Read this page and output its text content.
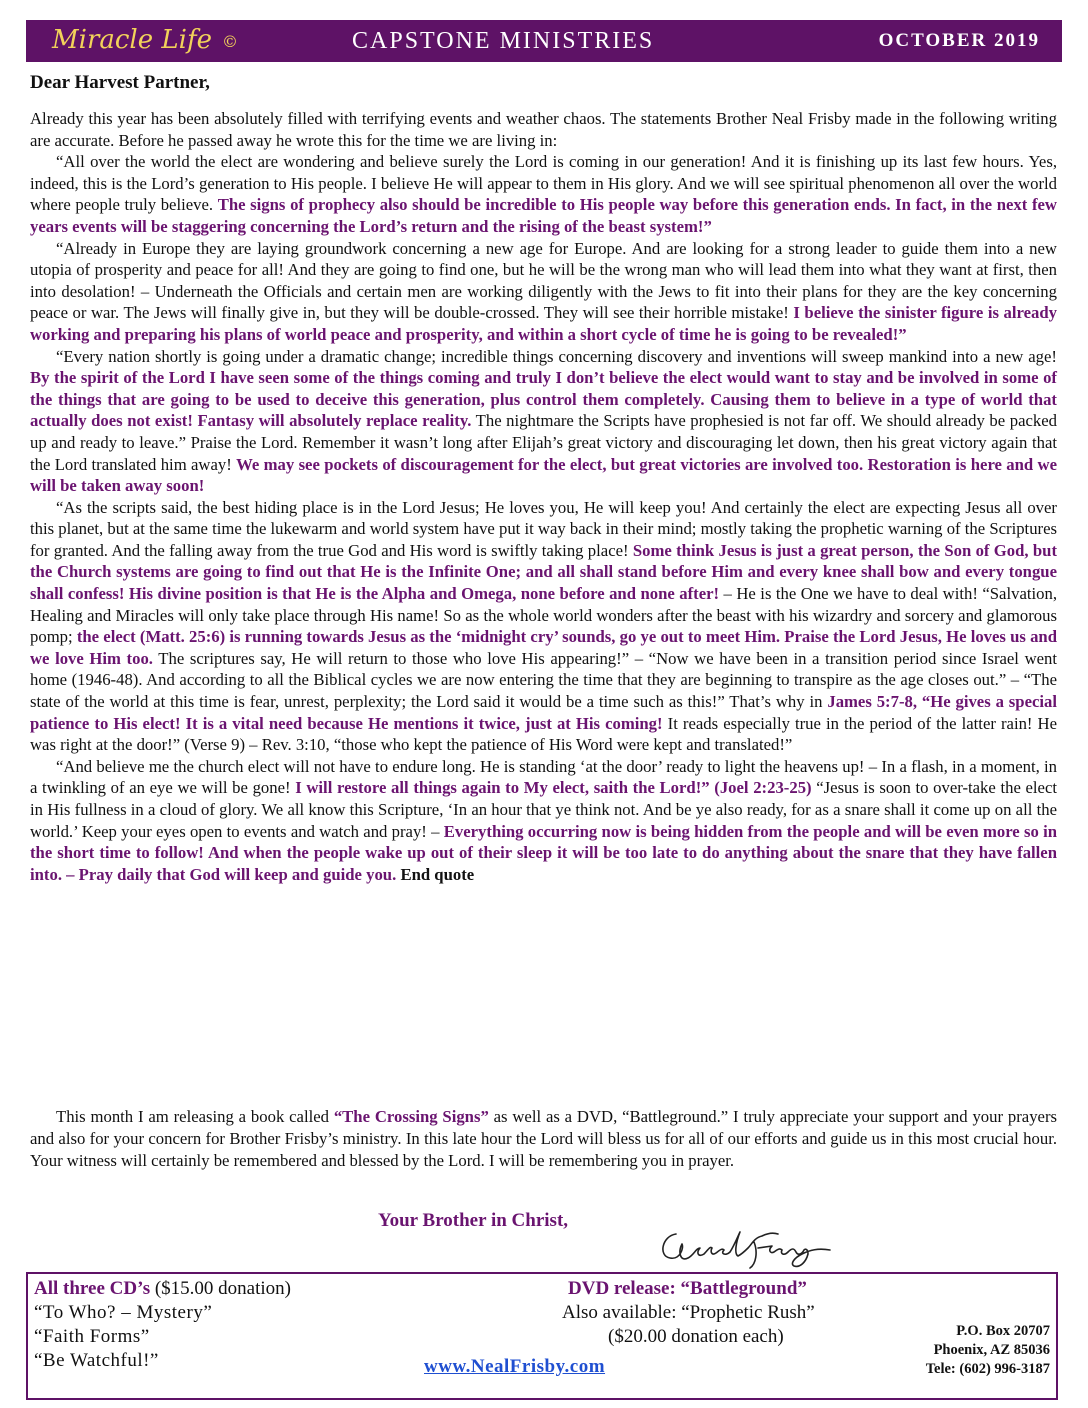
Miracle Life ©	CAPSTONE MINISTRIES	OCTOBER 2019
Dear Harvest Partner,

Already this year has been absolutely filled with terrifying events and weather chaos. The statements Brother Neal Frisby made in the following writing are accurate. Before he passed away he wrote this for the time we are living in:

“All over the world the elect are wondering and believe surely the Lord is coming in our generation! And it is finishing up its last few hours. Yes, indeed, this is the Lord’s generation to His people. I believe He will appear to them in His glory. And we will see spiritual phenomenon all over the world where people truly believe. The signs of prophecy also should be incredible to His people way before this generation ends. In fact, in the next few years events will be staggering concerning the Lord’s return and the rising of the beast system!”

“Already in Europe they are laying groundwork concerning a new age for Europe. And are looking for a strong leader to guide them into a new utopia of prosperity and peace for all! And they are going to find one, but he will be the wrong man who will lead them into what they want at first, then into desolation! – Underneath the Officials and certain men are working diligently with the Jews to fit into their plans for they are the key concerning peace or war. The Jews will finally give in, but they will be double-crossed. They will see their horrible mistake! I believe the sinister figure is already working and preparing his plans of world peace and prosperity, and within a short cycle of time he is going to be revealed!”

“Every nation shortly is going under a dramatic change; incredible things concerning discovery and inventions will sweep mankind into a new age! By the spirit of the Lord I have seen some of the things coming and truly I don’t believe the elect would want to stay and be involved in some of the things that are going to be used to deceive this generation, plus control them completely. Causing them to believe in a type of world that actually does not exist! Fantasy will absolutely replace reality. The nightmare the Scripts have prophesied is not far off. We should already be packed up and ready to leave.” Praise the Lord. Remember it wasn’t long after Elijah’s great victory and discouraging let down, then his great victory again that the Lord translated him away! We may see pockets of discouragement for the elect, but great victories are involved too. Restoration is here and we will be taken away soon!

“As the scripts said, the best hiding place is in the Lord Jesus; He loves you, He will keep you! And certainly the elect are expecting Jesus all over this planet, but at the same time the lukewarm and world system have put it way back in their mind; mostly taking the prophetic warning of the Scriptures for granted. And the falling away from the true God and His word is swiftly taking place! Some think Jesus is just a great person, the Son of God, but the Church systems are going to find out that He is the Infinite One; and all shall stand before Him and every knee shall bow and every tongue shall confess! His divine position is that He is the Alpha and Omega, none before and none after! – He is the One we have to deal with! “Salvation, Healing and Miracles will only take place through His name! So as the whole world wonders after the beast with his wizardry and sorcery and glamorous pomp; the elect (Matt. 25:6) is running towards Jesus as the ‘midnight cry’ sounds, go ye out to meet Him. Praise the Lord Jesus, He loves us and we love Him too. The scriptures say, He will return to those who love His appearing!” – “Now we have been in a transition period since Israel went home (1946-48). And according to all the Biblical cycles we are now entering the time that they are beginning to transpire as the age closes out.” – “The state of the world at this time is fear, unrest, perplexity; the Lord said it would be a time such as this!” That’s why in James 5:7-8, “He gives a special patience to His elect! It is a vital need because He mentions it twice, just at His coming! It reads especially true in the period of the latter rain! He was right at the door!” (Verse 9) – Rev. 3:10, “those who kept the patience of His Word were kept and translated!”

“And believe me the church elect will not have to endure long. He is standing ‘at the door’ ready to light the heavens up! – In a flash, in a moment, in a twinkling of an eye we will be gone! I will restore all things again to My elect, saith the Lord!” (Joel 2:23-25) “Jesus is soon to over-take the elect in His fullness in a cloud of glory. We all know this Scripture, ‘In an hour that ye think not. And be ye also ready, for as a snare shall it come up on all the world.’ Keep your eyes open to events and watch and pray! – Everything occurring now is being hidden from the people and will be even more so in the short time to follow! And when the people wake up out of their sleep it will be too late to do anything about the snare that they have fallen into. – Pray daily that God will keep and guide you. End quote

This month I am releasing a book called “The Crossing Signs” as well as a DVD, “Battleground.” I truly appreciate your support and your prayers and also for your concern for Brother Frisby’s ministry. In this late hour the Lord will bless us for all of our efforts and guide us in this most crucial hour. Your witness will certainly be remembered and blessed by the Lord. I will be remembering you in prayer.

Your Brother in Christ,
All three CD’s ($15.00 donation)
“To Who? – Mystery”
“Faith Forms”
“Be Watchful!”
DVD release: “Battleground”
Also available: “Prophetic Rush”
($20.00 donation each)
www.NealFrisby.com
P.O. Box 20707
Phoenix, AZ 85036
Tele: (602) 996-3187
